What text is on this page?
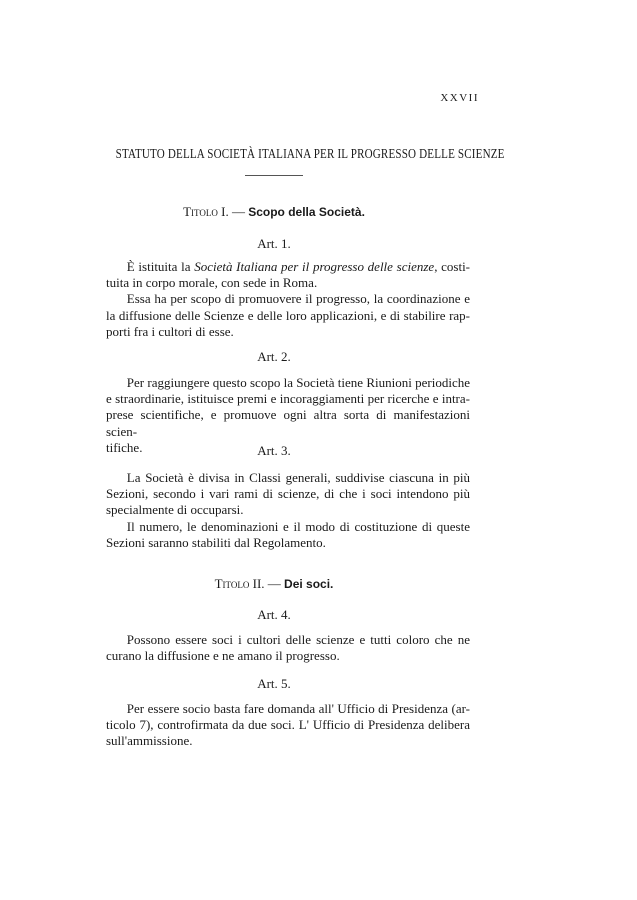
XXVII
STATUTO DELLA SOCIETÀ ITALIANA PER IL PROGRESSO DELLE SCIENZE
Titolo I. — Scopo della Società.
Art. 1.
È istituita la Società Italiana per il progresso delle scienze, costi-
tuita in corpo morale, con sede in Roma.
Essa ha per scopo di promuovere il progresso, la coordinazione e
la diffusione delle Scienze e delle loro applicazioni, e di stabilire rap-
porti fra i cultori di esse.
Art. 2.
Per raggiungere questo scopo la Società tiene Riunioni periodiche
e straordinarie, istituisce premi e incoraggiamenti per ricerche e intra-
prese scientifiche, e promuove ogni altra sorta di manifestazioni scien-
tifiche.	Art. 3.
La Società è divisa in Classi generali, suddivise ciascuna in più
Sezioni, secondo i vari rami di scienze, di che i soci intendono più
specialmente di occuparsi.
Il numero, le denominazioni e il modo di costituzione di queste
Sezioni saranno stabiliti dal Regolamento.
Titolo II. — Dei soci.
Art. 4.
Possono essere soci i cultori delle scienze e tutti coloro che ne
curano la diffusione e ne amano il progresso.
Art. 5.
Per essere socio basta fare domanda all' Ufficio di Presidenza (ar-
ticolo 7), controfirmata da due soci. L' Ufficio di Presidenza delibera
sull'ammissione.
